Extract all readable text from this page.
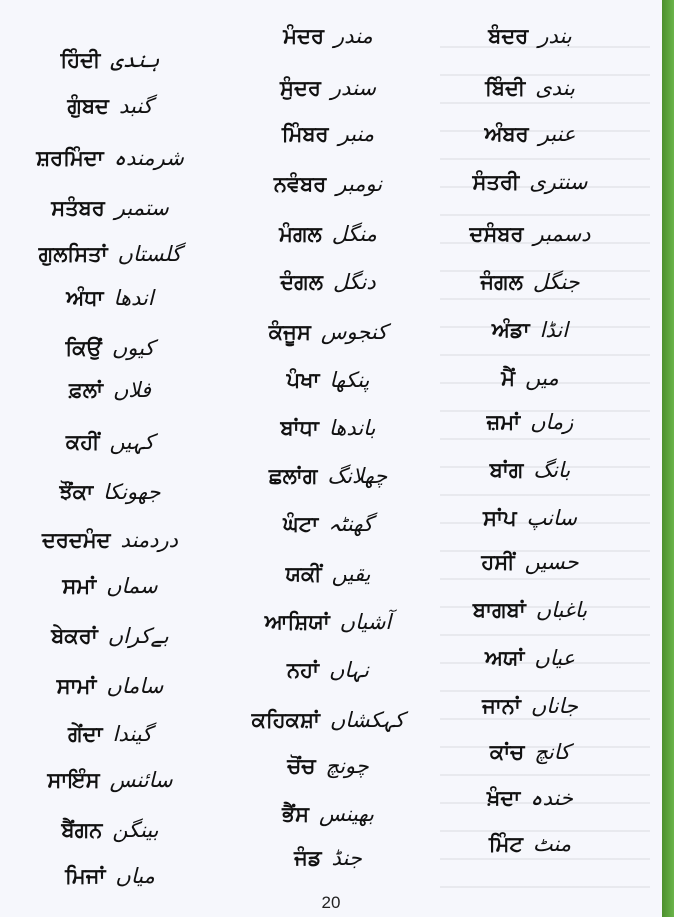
ਹਿੰਦੀ ہندی
ਗੁੰਬਦ گنبد
ਸ਼ਰਮਿੰਦਾ شرمندہ
ਸਤੰਬਰ ستمبر
ਗੁਲਸਿਤਾਂ گلستاں
ਅੰਧਾ اندھا
ਕਿਉਂ کیوں
ਫ਼ਲਾਂ فلاں
ਕਹੀਂ کہیں
ਝੌਂਕਾ جھونکا
ਦਰਦਮੰਦ دردمند
ਸਮਾਂ سماں
ਬੇਕਰਾਂ بےکراں
ਸਾਮਾਂ ساماں
ਗੇਂਦਾ گیندا
ਸਾਇੰਸ سائنس
ਬੈਂਗਨ بینگن
ਮਿਜਾਂ میاں
ਮੰਦਰ مندر
ਸੁੰਦਰ سندر
ਮਿੰਬਰ منبر
ਨਵੰਬਰ نومبر
ਮੰਗਲ منگل
ਦੰਗਲ دنگل
ਕੰਜੂਸ کنجوس
ਪੰਖਾ پنکھا
ਬਾਂਧਾ باندھا
ਛਲਾਂਗ چھلانگ
ਘੰਟਾ گھنٹہ
ਯਕੀਂ یقیں
ਆਸ਼ਿਯਾਂ آشیاں
ਨਹਾਂ نہاں
ਕਹਿਕਸ਼ਾਂ کہکشاں
ਚੋਂਚ چونچ
ਭੈਂਸ بھینس
ਜੰਡ جنڈ
ਬੰਦਰ بندر
ਬਿੰਦੀ بندی
ਅੰਬਰ عنبر
ਸੰਤਰੀ سنتری
ਦਸੰਬਰ دسمبر
ਜੰਗਲ جنگل
ਅੰਡਾ انڈا
ਮੈਂ میں
ਜ਼ਮਾਂ زماں
ਬਾਂਗ بانگ
ਸਾਂਪ سانپ
ਹਸੀਂ حسیں
ਬਾਗਬਾਂ باغباں
ਅਯਾਂ عیاں
ਜਾਨਾਂ جاناں
ਕਾਂਚ کانچ
ਖ਼ੰਦਾ خندہ
ਮਿੰਟ منٹ
20
